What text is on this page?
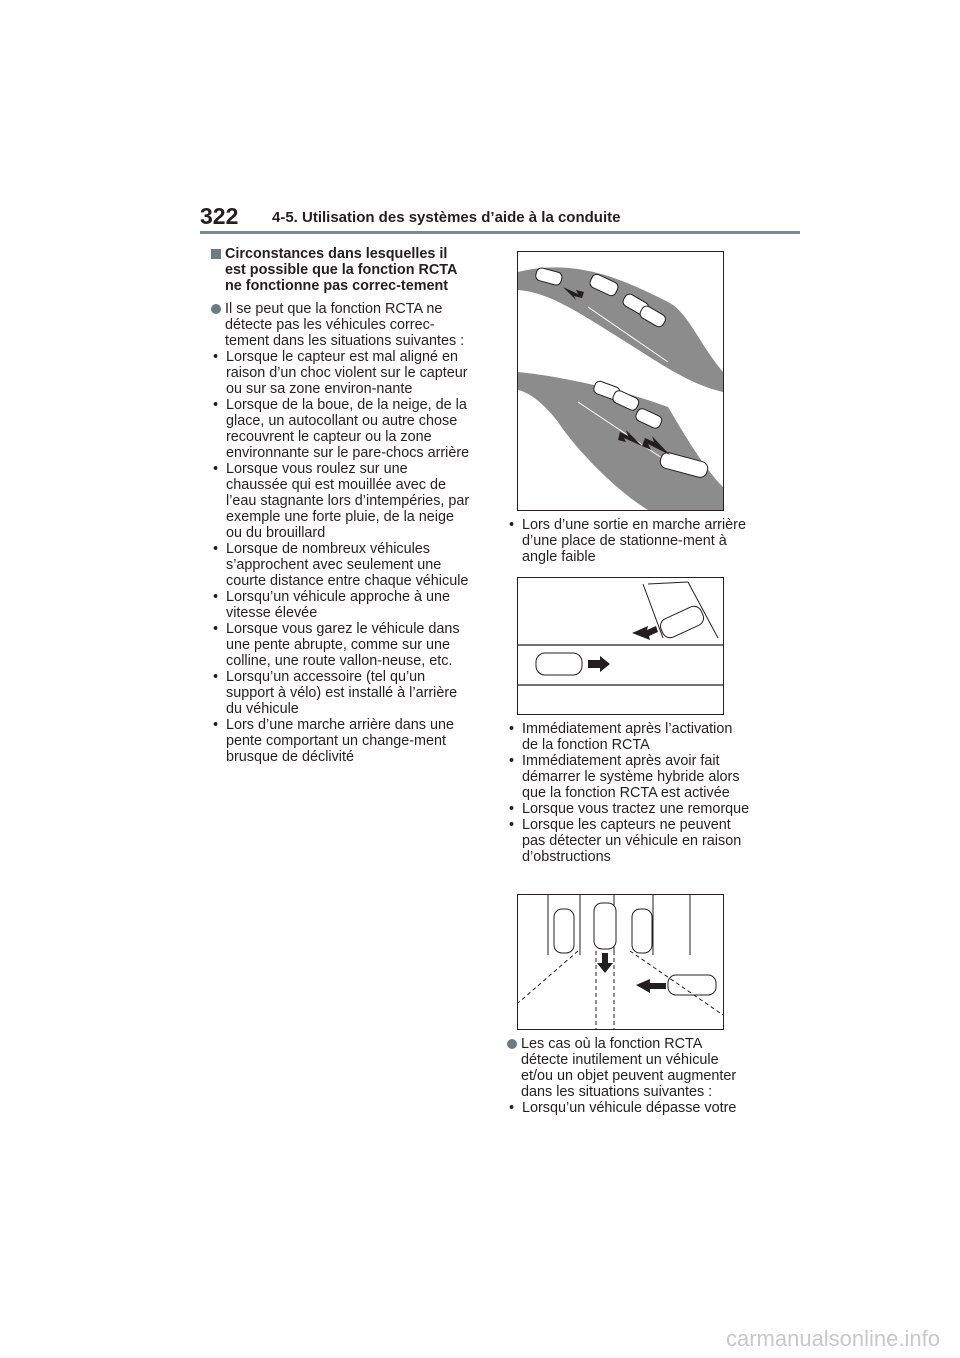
322 4-5. Utilisation des systèmes d’aide à la conduite
Circonstances dans lesquelles il est possible que la fonction RCTA ne fonctionne pas correc-tement
Il se peut que la fonction RCTA ne détecte pas les véhicules correc-tement dans les situations suivantes :
• Lorsque le capteur est mal aligné en raison d’un choc violent sur le capteur ou sur sa zone environ-nante
• Lorsque de la boue, de la neige, de la glace, un autocollant ou autre chose recouvrent le capteur ou la zone environnante sur le pare-chocs arrière
• Lorsque vous roulez sur une chaussée qui est mouillée avec de l’eau stagnante lors d’intempéries, par exemple une forte pluie, de la neige ou du brouillard
• Lorsque de nombreux véhicules s’approchent avec seulement une courte distance entre chaque véhicule
• Lorsqu’un véhicule approche à une vitesse élevée
• Lorsque vous garez le véhicule dans une pente abrupte, comme sur une colline, une route vallon-neuse, etc.
• Lorsqu’un accessoire (tel qu’un support à vélo) est installé à l’arrière du véhicule
• Lors d’une marche arrière dans une pente comportant un change-ment brusque de déclivité
• Lors d’une sortie en marche arrière d’une place de stationne-ment à angle faible
• Immédiatement après l’activation de la fonction RCTA
• Immédiatement après avoir fait démarrer le système hybride alors que la fonction RCTA est activée
• Lorsque vous tractez une remorque
• Lorsque les capteurs ne peuvent pas détecter un véhicule en raison d’obstructions
Les cas où la fonction RCTA détecte inutilement un véhicule et/ou un objet peuvent augmenter dans les situations suivantes :
• Lorsqu’un véhicule dépasse votre
carmanualsonline.info
